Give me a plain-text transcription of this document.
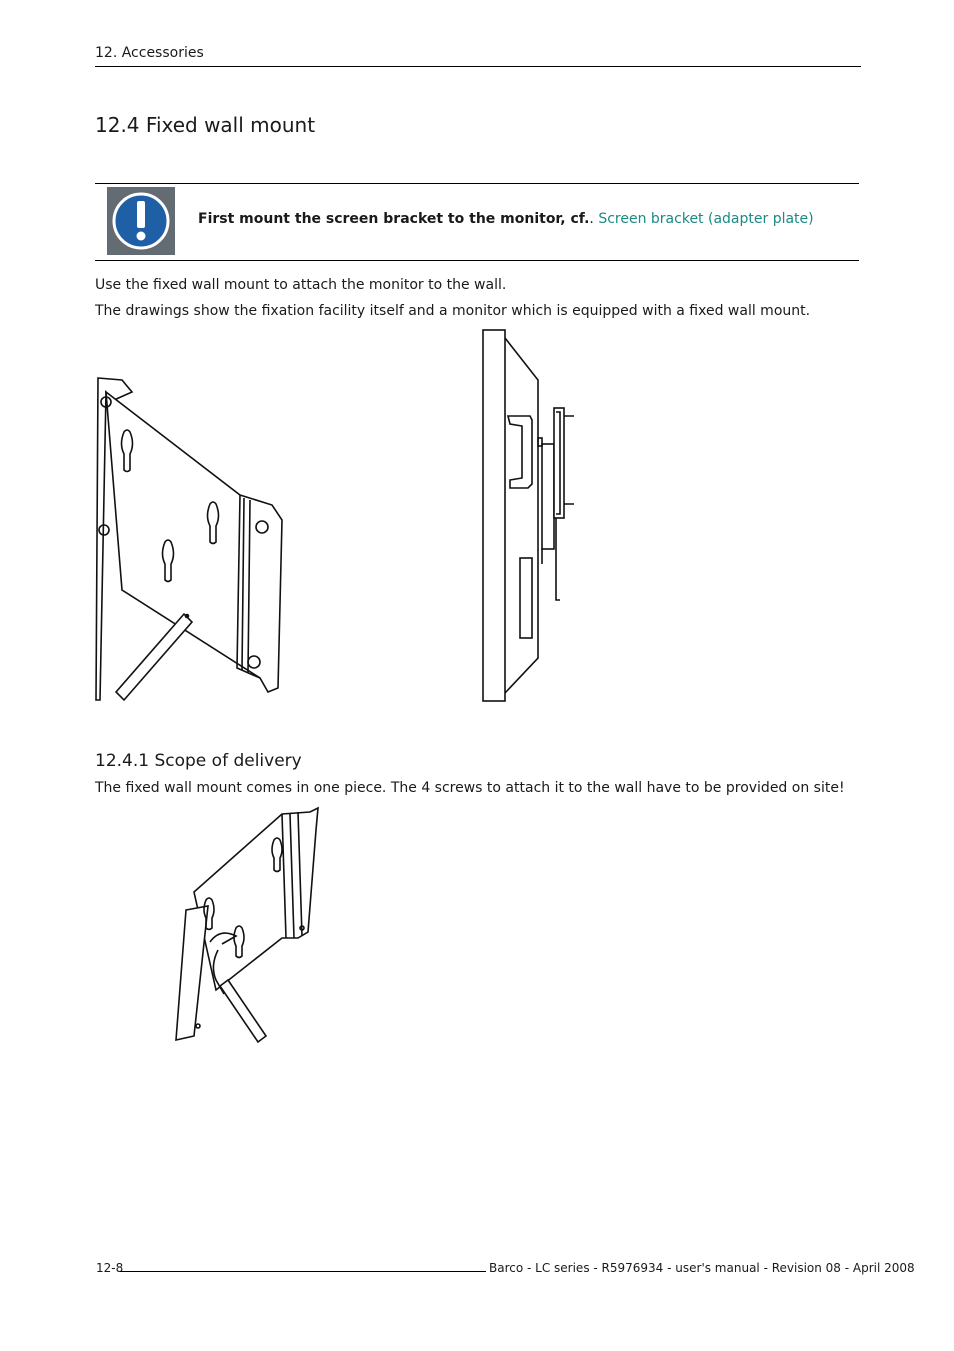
12. Accessories
12.4 Fixed wall mount
First mount the screen bracket to the monitor, cf.. Screen bracket (adapter plate)
Use the fixed wall mount to attach the monitor to the wall.
The drawings show the fixation facility itself and a monitor which is equipped with a fixed wall mount.
12.4.1 Scope of delivery
The fixed wall mount comes in one piece. The 4 screws to attach it to the wall have to be provided on site!
12-8	Barco - LC series - R5976934 - user's manual - Revision 08 - April 2008
